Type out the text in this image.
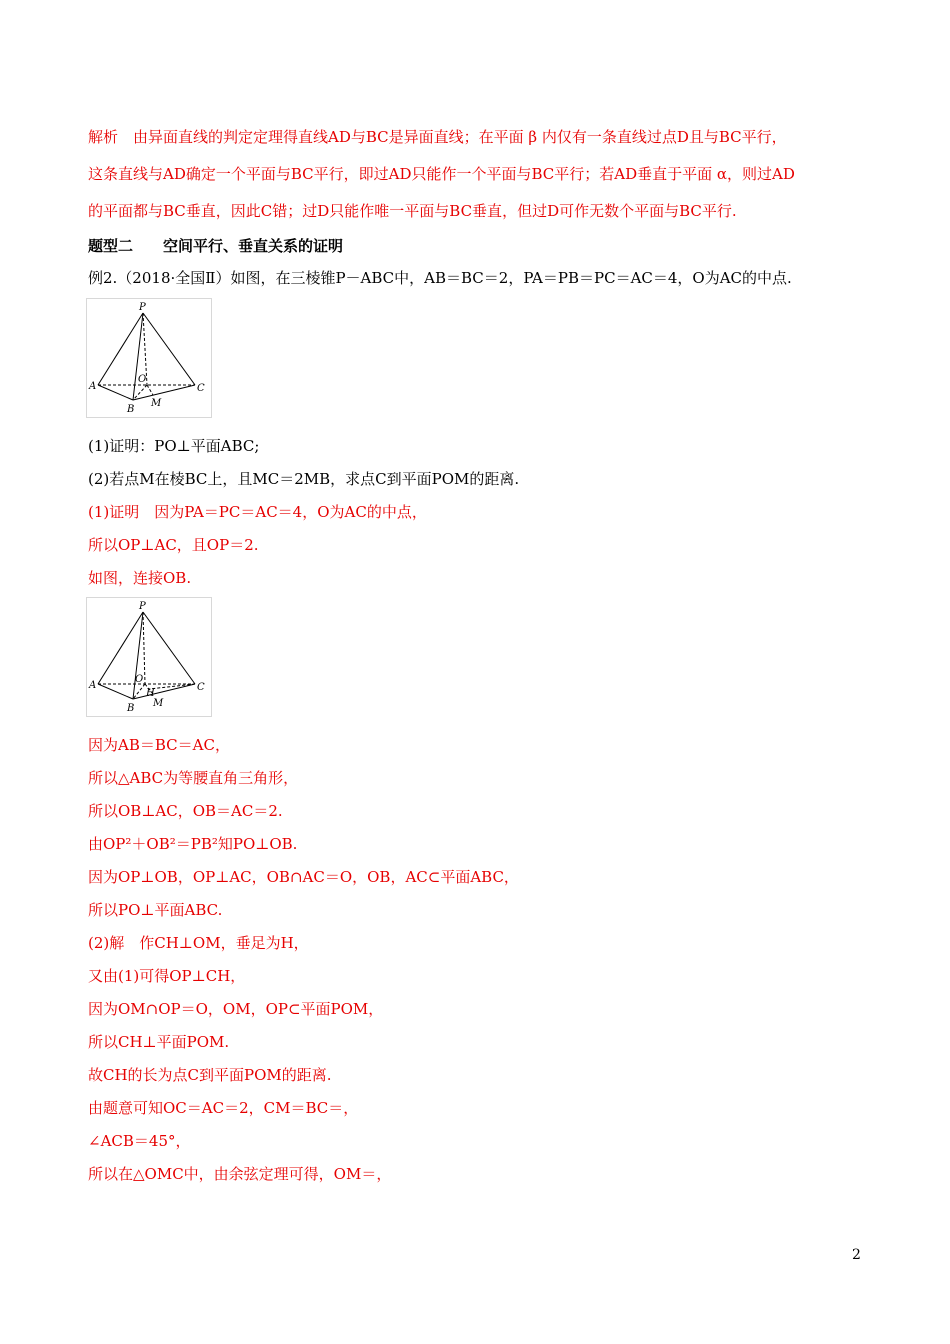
解析　由异面直线的判定定理得直线AD与BC是异面直线；在平面 β 内仅有一条直线过点D且与BC平行，
这条直线与AD确定一个平面与BC平行，即过AD只能作一个平面与BC平行；若AD垂直于平面 α，则过AD
的平面都与BC垂直，因此C错；过D只能作唯一平面与BC垂直，但过D可作无数个平面与BC平行.
题型二　　空间平行、垂直关系的证明
例2.（2018·全国Ⅱ）如图，在三棱锥P－ABC中，AB＝BC＝2，PA＝PB＝PC＝AC＝4，O为AC的中点.
P
A
B
C
O
M
(1)证明：PO⊥平面ABC;
(2)若点M在棱BC上，且MC＝2MB，求点C到平面POM的距离.
(1)证明　因为PA＝PC＝AC＝4，O为AC的中点，
所以OP⊥AC，且OP＝2.
如图，连接OB.
P
A
B
C
O
H
M
因为AB＝BC＝AC，
所以△ABC为等腰直角三角形，
所以OB⊥AC，OB＝AC＝2.
由OP²＋OB²＝PB²知PO⊥OB.
因为OP⊥OB，OP⊥AC，OB∩AC＝O，OB，AC⊂平面ABC，
所以PO⊥平面ABC.
(2)解　作CH⊥OM，垂足为H，
又由(1)可得OP⊥CH，
因为OM∩OP＝O，OM，OP⊂平面POM，
所以CH⊥平面POM.
故CH的长为点C到平面POM的距离.
由题意可知OC＝AC＝2，CM＝BC＝，
∠ACB＝45°，
所以在△OMC中，由余弦定理可得，OM＝，
2
